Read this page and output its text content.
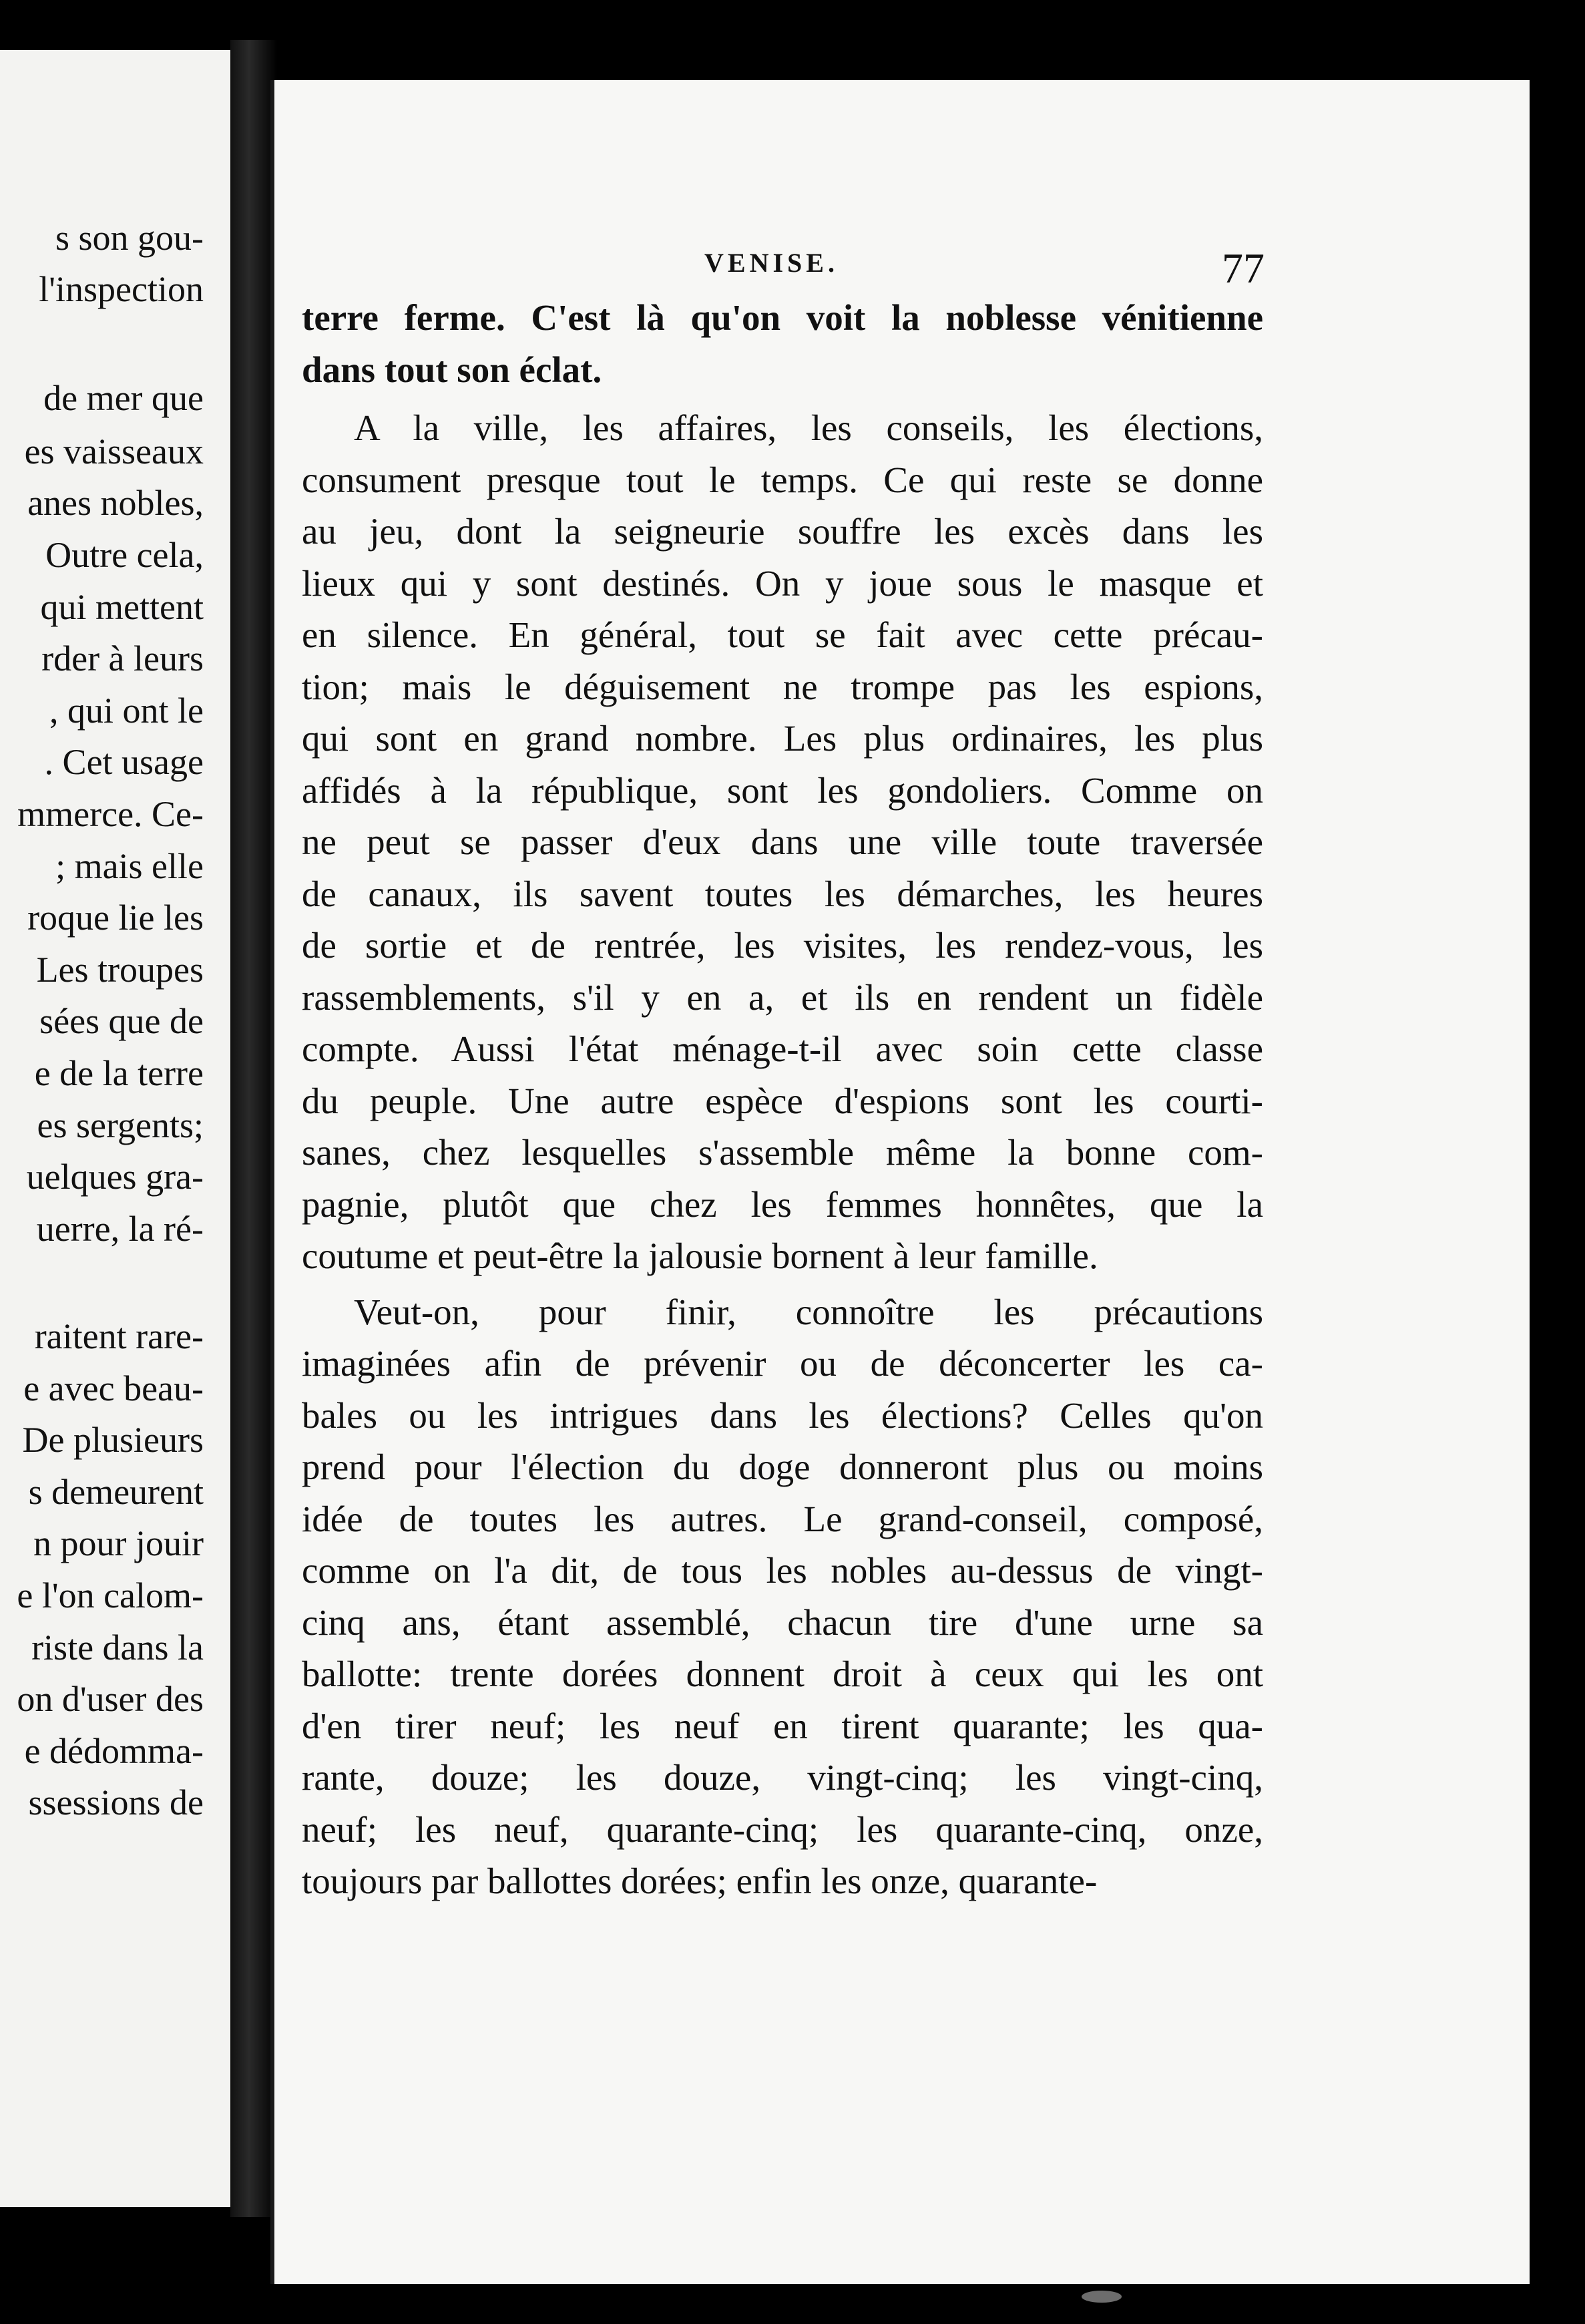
s son gou-
l'inspection
de mer que
es vaisseaux
anes nobles,
Outre cela,
qui mettent
rder à leurs
, qui ont le
. Cet usage
mmerce. Ce-
; mais elle
roque lie les
Les troupes
sées que de
e de la terre
es sergents;
uelques gra-
uerre, la ré-
raitent rare-
e avec beau-
De plusieurs
s demeurent
n pour jouir
e l'on calom-
riste dans la
on d'user des
e dédomma-
ssessions de
VENISE.	77
terre ferme. C'est là qu'on voit la noblesse vénitienne
dans tout son éclat.
A la ville, les affaires, les conseils, les élections,
consument presque tout le temps. Ce qui reste se donne
au jeu, dont la seigneurie souffre les excès dans les
lieux qui y sont destinés. On y joue sous le masque et
en silence. En général, tout se fait avec cette précau-
tion; mais le déguisement ne trompe pas les espions,
qui sont en grand nombre. Les plus ordinaires, les plus
affidés à la république, sont les gondoliers. Comme on
ne peut se passer d'eux dans une ville toute traversée
de canaux, ils savent toutes les démarches, les heures
de sortie et de rentrée, les visites, les rendez-vous, les
rassemblements, s'il y en a, et ils en rendent un fidèle
compte. Aussi l'état ménage-t-il avec soin cette classe
du peuple. Une autre espèce d'espions sont les courti-
sanes, chez lesquelles s'assemble même la bonne com-
pagnie, plutôt que chez les femmes honnêtes, que la
coutume et peut-être la jalousie bornent à leur famille.
Veut-on, pour finir, connoître les précautions
imaginées afin de prévenir ou de déconcerter les ca-
bales ou les intrigues dans les élections? Celles qu'on
prend pour l'élection du doge donneront plus ou moins
idée de toutes les autres. Le grand-conseil, composé,
comme on l'a dit, de tous les nobles au-dessus de vingt-
cinq ans, étant assemblé, chacun tire d'une urne sa
ballotte: trente dorées donnent droit à ceux qui les ont
d'en tirer neuf; les neuf en tirent quarante; les qua-
rante, douze; les douze, vingt-cinq; les vingt-cinq,
neuf; les neuf, quarante-cinq; les quarante-cinq, onze,
toujours par ballottes dorées; enfin les onze, quarante-
